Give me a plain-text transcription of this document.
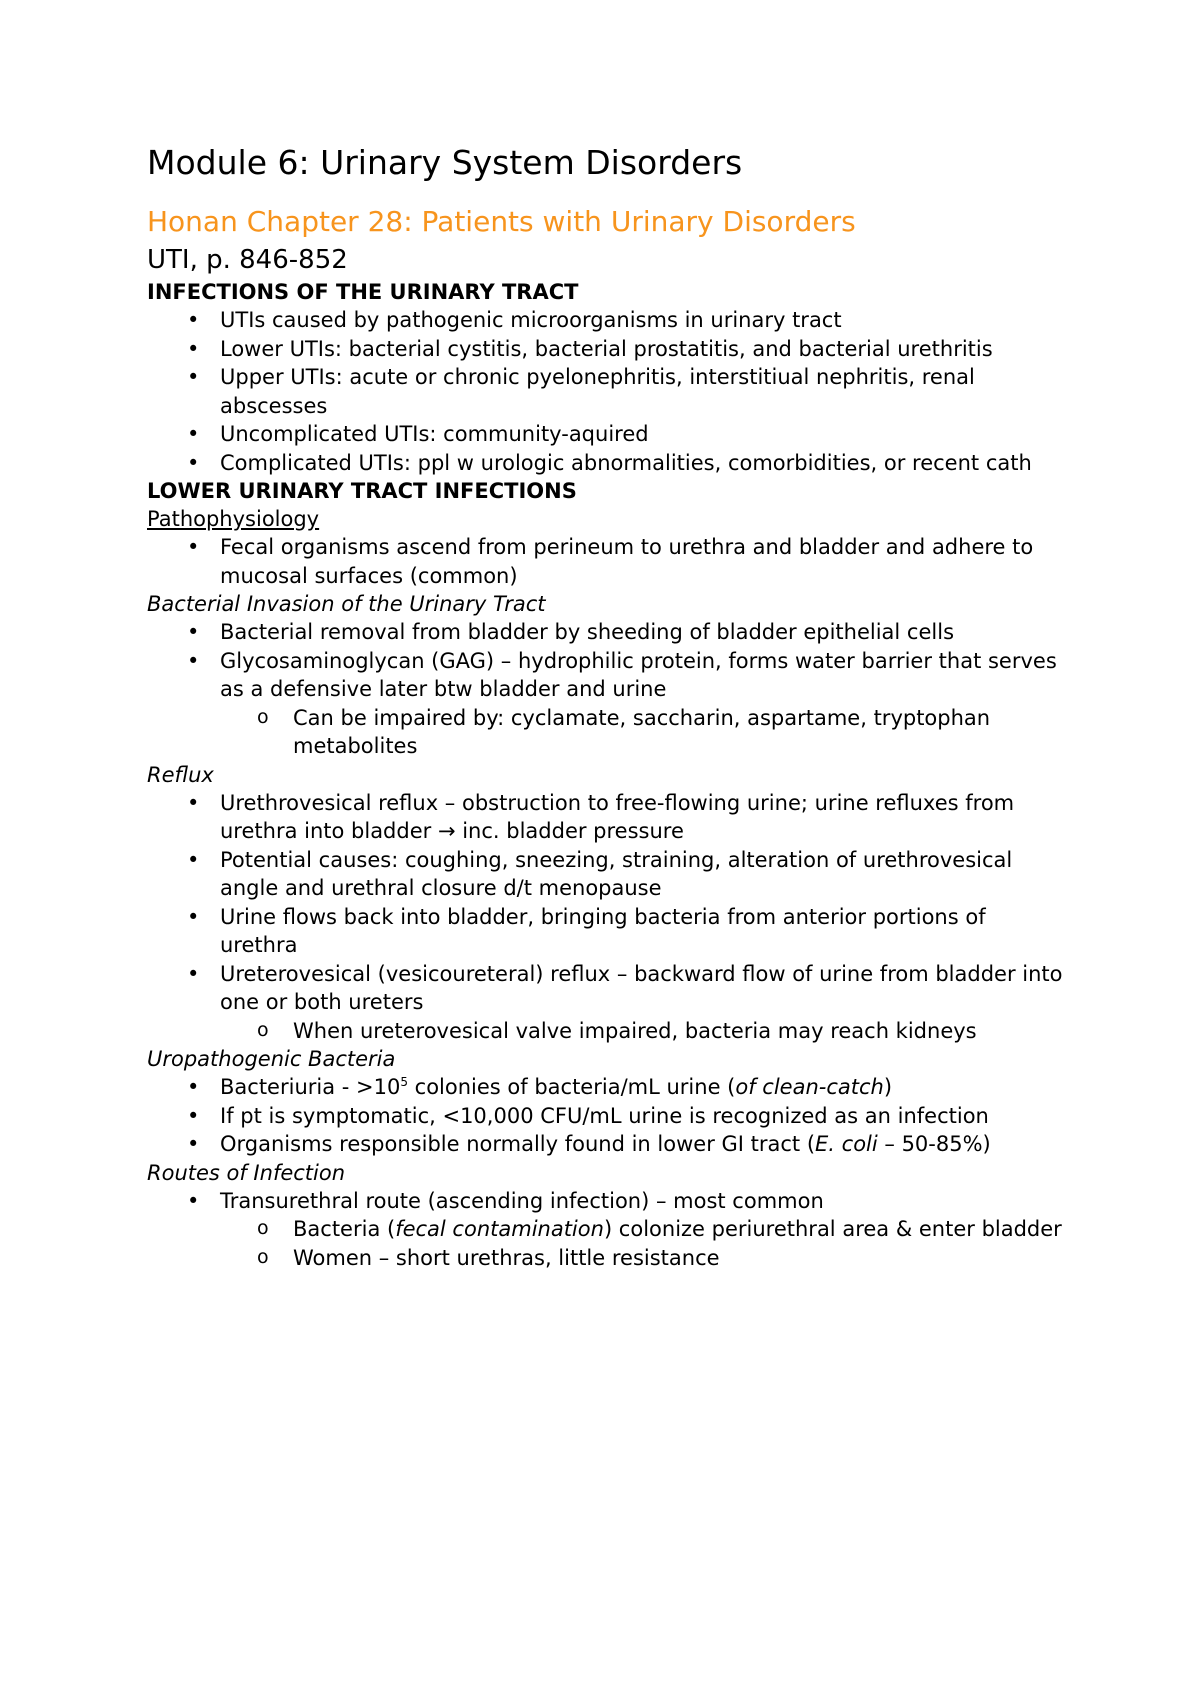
Module 6: Urinary System Disorders
Honan Chapter 28: Patients with Urinary Disorders
UTI, p. 846-852
INFECTIONS OF THE URINARY TRACT
• UTIs caused by pathogenic microorganisms in urinary tract
• Lower UTIs: bacterial cystitis, bacterial prostatitis, and bacterial urethritis
• Upper UTIs: acute or chronic pyelonephritis, interstitiual nephritis, renal abscesses
• Uncomplicated UTIs: community-aquired
• Complicated UTIs: ppl w urologic abnormalities, comorbidities, or recent cath
LOWER URINARY TRACT INFECTIONS
Pathophysiology
• Fecal organisms ascend from perineum to urethra and bladder and adhere to mucosal surfaces (common)
Bacterial Invasion of the Urinary Tract
• Bacterial removal from bladder by sheeding of bladder epithelial cells
• Glycosaminoglycan (GAG) – hydrophilic protein, forms water barrier that serves as a defensive later btw bladder and urine
o Can be impaired by: cyclamate, saccharin, aspartame, tryptophan metabolites
Reflux
• Urethrovesical reflux – obstruction to free-flowing urine; urine refluxes from urethra into bladder → inc. bladder pressure
• Potential causes: coughing, sneezing, straining, alteration of urethrovesical angle and urethral closure d/t menopause
• Urine flows back into bladder, bringing bacteria from anterior portions of urethra
• Ureterovesical (vesicoureteral) reflux – backward flow of urine from bladder into one or both ureters
o When ureterovesical valve impaired, bacteria may reach kidneys
Uropathogenic Bacteria
• Bacteriuria - $>10^5$ colonies of bacteria/mL urine (of clean-catch)
• If pt is symptomatic, <10,000 CFU/mL urine is recognized as an infection
• Organisms responsible normally found in lower GI tract (E. coli – 50-85%)
Routes of Infection
• Transurethral route (ascending infection) – most common
o Bacteria (fecal contamination) colonize periurethral area & enter bladder
o Women – short urethras, little resistance
